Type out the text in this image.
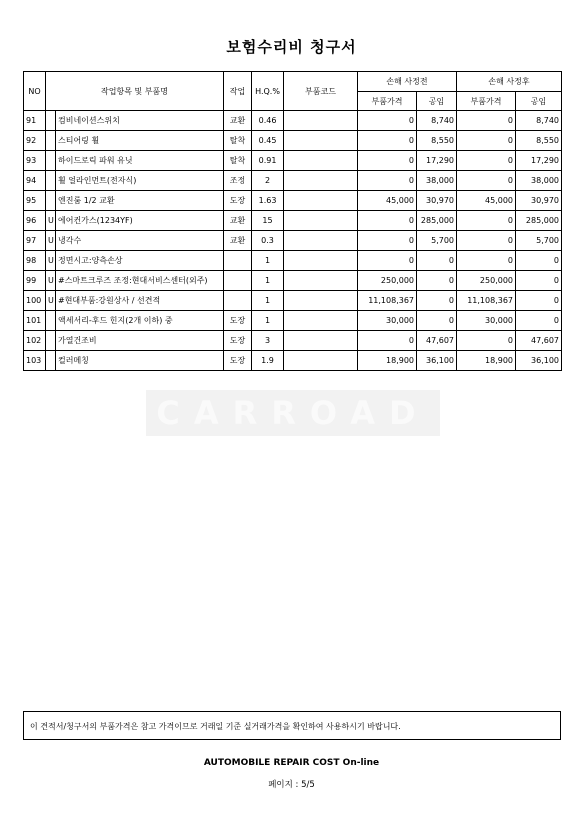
보험수리비 청구서
NO	작업항목 및 부품명		작업	H.Q.%	부품코드	손해 사정전		손해 사정후	
						부품가격	공임	부품가격	공임
91		컴비네이션스위치	교환	0.46		0	8,740	0	8,740
92		스티어링 휠	탈착	0.45		0	8,550	0	8,550
93		하이드로릭 파워 유닛	탈착	0.91		0	17,290	0	17,290
94		휠 얼라인먼트(전자식)	조정	2		0	38,000	0	38,000
95		엔진룸 1/2 교환	도장	1.63		45,000	30,970	45,000	30,970
96	U	에어컨가스(1234YF)	교환	15		0	285,000	0	285,000
97	U	냉각수	교환	0.3		0	5,700	0	5,700
98	U	정면시고:양측손상		1		0	0	0	0
99	U	#스마트크루즈 조정:현대서비스센터(외주)		1		250,000	0	250,000	0
100	U	#현대부품:강원상사 / 선견적		1		11,108,367	0	11,108,367	0
101		액세서리-후드 힌지(2개 이하) 중	도장	1		30,000	0	30,000	0
102		가열건조비	도장	3		0	47,607	0	47,607
103		컬러메칭	도장	1.9		18,900	36,100	18,900	36,100
CARROAD
이 견적서/청구서의 부품가격은 참고 가격이므로 거래일 기준 실거래가격을 확인하여 사용하시기 바랍니다.
AUTOMOBILE REPAIR COST On-line
페이지 : 5/5
